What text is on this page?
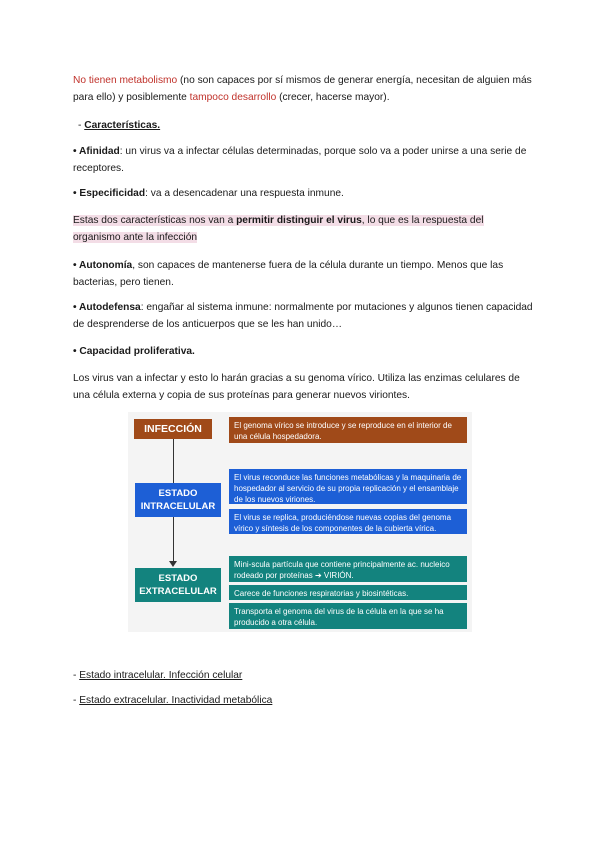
No tienen metabolismo (no son capaces por sí mismos de generar energía, necesitan de alguien más para ello) y posiblemente tampoco desarrollo (crecer, hacerse mayor).
- Características.
• Afinidad: un virus va a infectar células determinadas, porque solo va a poder unirse a una serie de receptores.
• Especificidad: va a desencadenar una respuesta inmune.
Estas dos características nos van a permitir distinguir el virus, lo que es la respuesta del organismo ante la infección
• Autonomía, son capaces de mantenerse fuera de la célula durante un tiempo. Menos que las bacterias, pero tienen.
• Autodefensa: engañar al sistema inmune: normalmente por mutaciones y algunos tienen capacidad de desprenderse de los anticuerpos que se les han unido…
• Capacidad proliferativa.
Los virus van a infectar y esto lo harán gracias a su genoma vírico. Utiliza las enzimas celulares de una célula externa y copia de sus proteínas para generar nuevos viriontes.
INFECCIÓN
ESTADO INTRACELULAR
ESTADO EXTRACELULAR
El genoma vírico se introduce y se reproduce en el interior de una célula hospedadora.
El virus reconduce las funciones metabólicas y la maquinaria de hospedador al servicio de su propia replicación y el ensamblaje de los nuevos viriones.
El virus se replica, produciéndose nuevas copias del genoma vírico y síntesis de los componentes de la cubierta vírica.
Mini-scula partícula que contiene principalmente ac. nucleico rodeado por proteínas ➔ VIRIÓN.
Carece de funciones respiratorias y biosintéticas.
Transporta el genoma del virus de la célula en la que se ha producido a otra célula.
- Estado intracelular. Infección celular
- Estado extracelular. Inactividad metabólica
